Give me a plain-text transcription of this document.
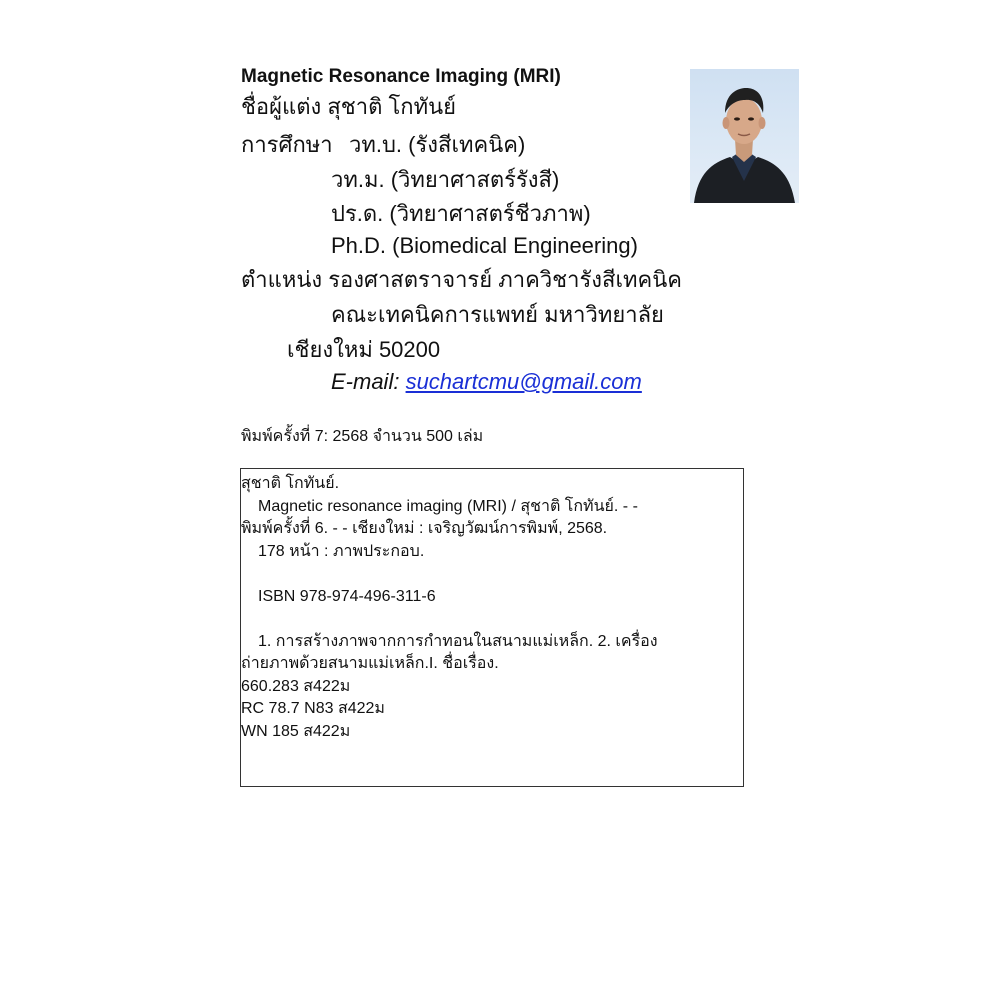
Magnetic Resonance Imaging (MRI)
ชื่อผู้แต่ง สุชาติ โกทันย์
การศึกษา วท.บ. (รังสีเทคนิค)
วท.ม. (วิทยาศาสตร์รังสี)
ปร.ด. (วิทยาศาสตร์ชีวภาพ)
Ph.D. (Biomedical Engineering)
ตำแหน่ง รองศาสตราจารย์ ภาควิชารังสีเทคนิค
คณะเทคนิคการแพทย์ มหาวิทยาลัย
เชียงใหม่ 50200
E-mail: suchartcmu@gmail.com
พิมพ์ครั้งที่ 7: 2568 จำนวน 500 เล่ม
สุชาติ โกทันย์.
Magnetic resonance imaging (MRI) / สุชาติ โกทันย์. - -
พิมพ์ครั้งที่ 6. - - เชียงใหม่ : เจริญวัฒน์การพิมพ์, 2568.
178 หน้า : ภาพประกอบ.
ISBN 978-974-496-311-6
1. การสร้างภาพจากการกำทอนในสนามแม่เหล็ก. 2. เครื่อง
ถ่ายภาพด้วยสนามแม่เหล็ก.I. ชื่อเรื่อง.
660.283 ส422ม
RC 78.7 N83 ส422ม
WN 185 ส422ม
